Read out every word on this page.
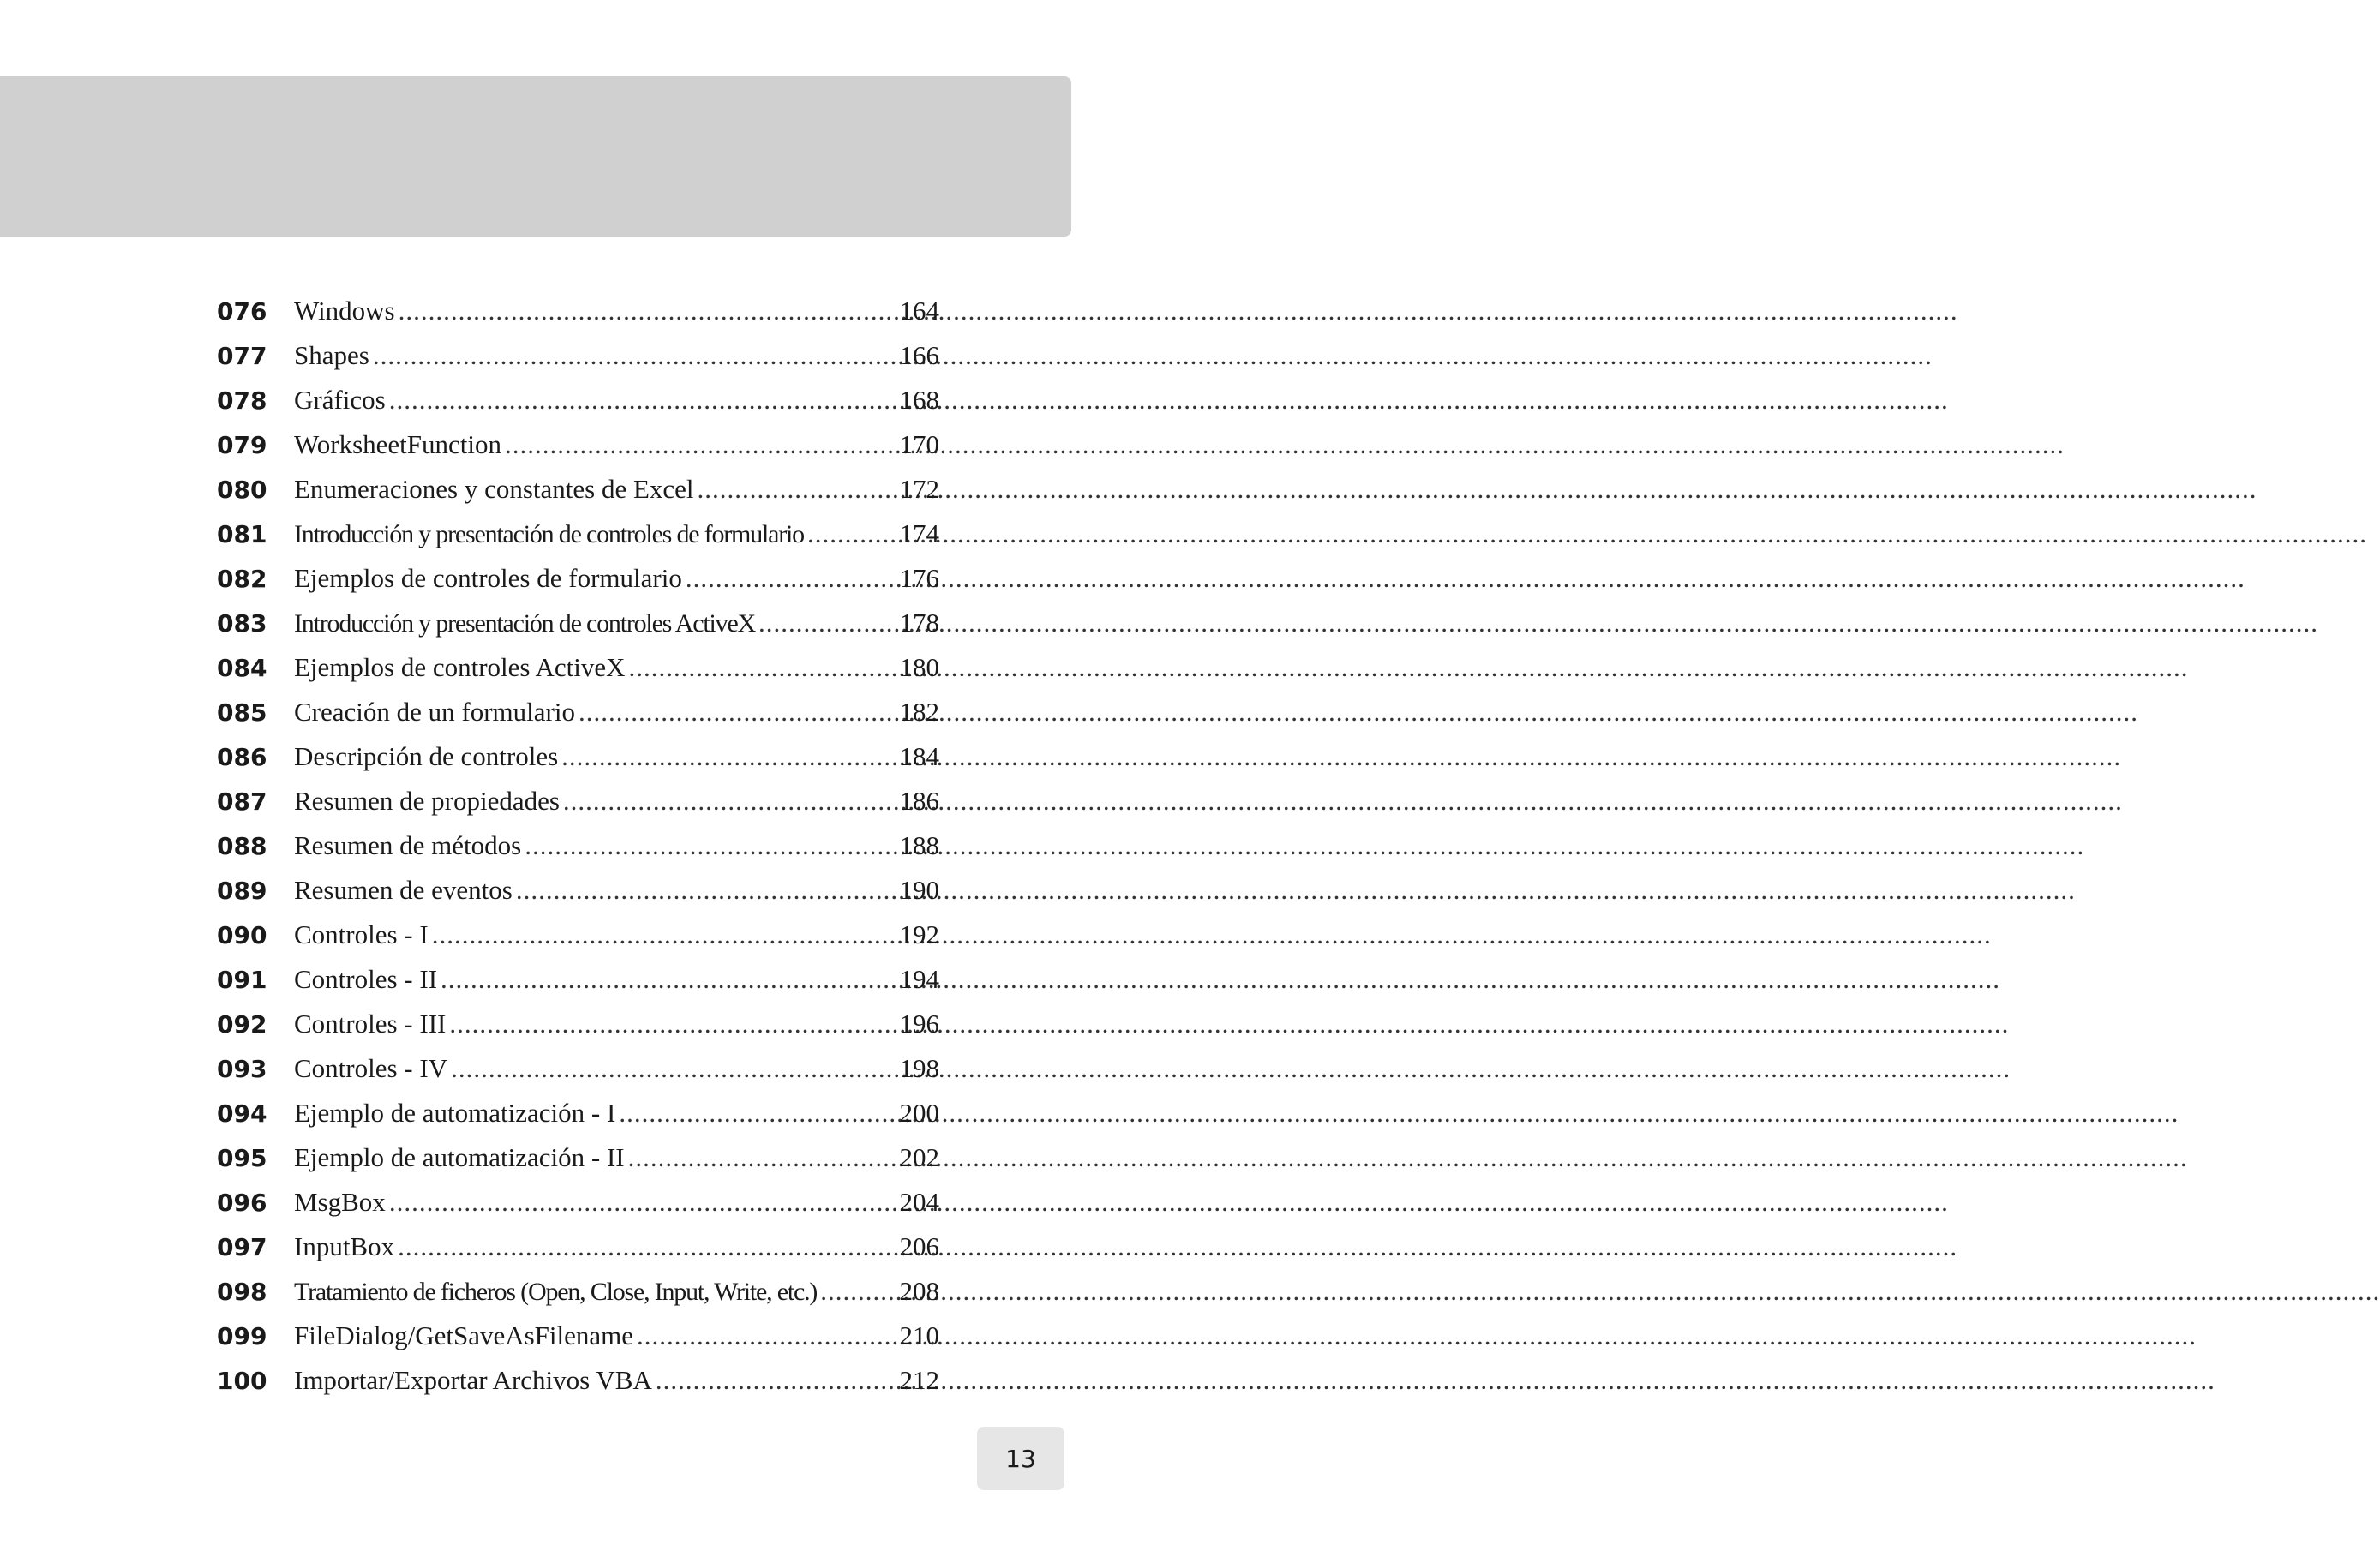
076	Windows .....	164
077	Shapes .....	166
078	Gráficos .....	168
079	WorksheetFunction .....	170
080	Enumeraciones y constantes de Excel .....	172
081	Introducción y presentación de controles de formulario .....	174
082	Ejemplos de controles de formulario .....	176
083	Introducción y presentación de controles ActiveX .....	178
084	Ejemplos de controles ActiveX .....	180
085	Creación de un formulario .....	182
086	Descripción de controles .....	184
087	Resumen de propiedades .....	186
088	Resumen de métodos .....	188
089	Resumen de eventos .....	190
090	Controles - I .....	192
091	Controles - II .....	194
092	Controles - III .....	196
093	Controles - IV .....	198
094	Ejemplo de automatización - I .....	200
095	Ejemplo de automatización - II .....	202
096	MsgBox .....	204
097	InputBox .....	206
098	Tratamiento de ficheros (Open, Close, Input, Write, etc.) .....	208
099	FileDialog/GetSaveAsFilename .....	210
100	Importar/Exportar Archivos VBA .....	212
13
